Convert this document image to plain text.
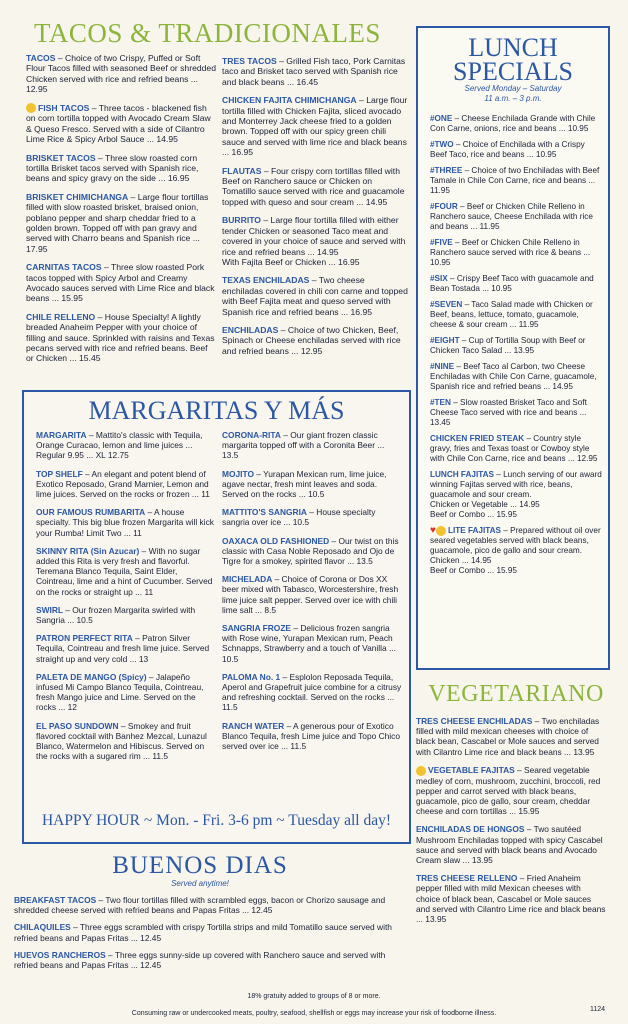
TACOS & TRADICIONALES
TACOS – Choice of two Crispy, Puffed or Soft Flour Tacos filled with seasoned Beef or shredded Chicken served with rice and refried beans ... 12.95
FISH TACOS – Three tacos - blackened fish on corn tortilla topped with Avocado Cream Slaw & Queso Fresco. Served with a side of Cilantro Lime Rice & Spicy Arbol Sauce ... 14.95
BRISKET TACOS – Three slow roasted corn tortilla Brisket tacos served with Spanish rice, beans and spicy gravy on the side ... 16.95
BRISKET CHIMICHANGA – Large flour tortillas filled with slow roasted brisket, braised onion, poblano pepper and sharp cheddar fried to a golden brown. Topped off with pan gravy and served with Charro beans and Spanish rice ... 17.95
CARNITAS TACOS – Three slow roasted Pork tacos topped with Spicy Arbol and Creamy Avocado sauces served with Lime Rice and black beans ... 15.95
CHILE RELLENO – House Specialty! A lightly breaded Anaheim Pepper with your choice of filling and sauce. Sprinkled with raisins and Texas pecans served with rice and refried beans. Beef or Chicken ... 15.45
TRES TACOS – Grilled Fish taco, Pork Carnitas taco and Brisket taco served with Spanish rice and black beans ... 16.45
CHICKEN FAJITA CHIMICHANGA – Large flour tortilla filled with Chicken Fajita, sliced avocado and Monterrey Jack cheese fried to a golden brown. Topped off with our spicy green chili sauce and served with lime rice and black beans ... 16.95
FLAUTAS – Four crispy corn tortillas filled with Beef on Ranchero sauce or Chicken on Tomatillo sauce served with rice and guacamole topped with queso and sour cream ... 14.95
BURRITO – Large flour tortilla filled with either tender Chicken or seasoned Taco meat and covered in your choice of sauce and served with rice and refried beans ... 14.95
With Fajita Beef or Chicken ... 16.95
TEXAS ENCHILADAS – Two cheese enchiladas covered in chili con carne and topped with Beef Fajita meat and queso served with Spanish rice and refried beans ... 16.95
ENCHILADAS – Choice of two Chicken, Beef, Spinach or Cheese enchiladas served with rice and refried beans ... 12.95
LUNCH
SPECIALS
Served Monday – Saturday
11 a.m. – 3 p.m.
#ONE – Cheese Enchilada Grande with Chile Con Carne, onions, rice and beans ... 10.95
#TWO – Choice of Enchilada with a Crispy Beef Taco, rice and beans ... 10.95
#THREE – Choice of two Enchiladas with Beef Tamale in Chile Con Carne, rice and beans ... 11.95
#FOUR – Beef or Chicken Chile Relleno in Ranchero sauce, Cheese Enchilada with rice and beans ... 11.95
#FIVE – Beef or Chicken Chile Relleno in Ranchero sauce served with rice & beans ... 10.95
#SIX – Crispy Beef Taco with guacamole and Bean Tostada ... 10.95
#SEVEN – Taco Salad made with Chicken or Beef, beans, lettuce, tomato, guacamole, cheese & sour cream ... 11.95
#EIGHT – Cup of Tortilla Soup with Beef or Chicken Taco Salad ... 13.95
#NINE – Beef Taco al Carbon, two Cheese Enchiladas with Chile Con Carne, guacamole, Spanish rice and refried beans ... 14.95
#TEN – Slow roasted Brisket Taco and Soft Cheese Taco served with rice and beans ... 13.45
CHICKEN FRIED STEAK – Country style gravy, fries and Texas toast or Cowboy style with Chile Con Carne, rice and beans ... 12.95
LUNCH FAJITAS – Lunch serving of our award winning Fajitas served with rice, beans, guacamole and sour cream.
Chicken or Vegetable ... 14.95
Beef or Combo ... 15.95
♥ LITE FAJITAS – Prepared without oil over seared vegetables served with black beans, guacamole, pico de gallo and sour cream. Chicken ... 14.95
Beef or Combo ... 15.95
MARGARITAS Y MÁS
MARGARITA – Mattito's classic with Tequila, Orange Curacao, lemon and lime juices ... Regular 9.95 ... XL 12.75
TOP SHELF – An elegant and potent blend of Exotico Reposado, Grand Marnier, Lemon and lime juices. Served on the rocks or frozen ... 11
OUR FAMOUS RUMBARITA – A house specialty. This big blue frozen Margarita will kick your Rumba! Limit Two ... 11
SKINNY RITA (Sin Azucar) – With no sugar added this Rita is very fresh and flavorful. Teremana Blanco Tequila, Saint Elder, Cointreau, lime and a hint of Cucumber. Served on the rocks or straight up ... 11
SWIRL – Our frozen Margarita swirled with Sangria ... 10.5
PATRON PERFECT RITA – Patron Silver Tequila, Cointreau and fresh lime juice. Served straight up and very cold ... 13
PALETA DE MANGO (Spicy) – Jalapeño infused Mi Campo Blanco Tequila, Cointreau, fresh Mango juice and Lime. Served on the rocks ... 12
EL PASO SUNDOWN – Smokey and fruit flavored cocktail with Banhez Mezcal, Lunazul Blanco, Watermelon and Hibiscus. Served on the rocks with a sugared rim ... 11.5
CORONA-RITA – Our giant frozen classic margarita topped off with a Coronita Beer ... 13.5
MOJITO – Yurapan Mexican rum, lime juice, agave nectar, fresh mint leaves and soda. Served on the rocks ... 10.5
MATTITO'S SANGRIA – House specialty sangria over ice ... 10.5
OAXACA OLD FASHIONED – Our twist on this classic with Casa Noble Reposado and Ojo de Tigre for a smokey, spirited flavor ... 13.5
MICHELADA – Choice of Corona or Dos XX beer mixed with Tabasco, Worcestershire, fresh lime juice salt pepper. Served over ice with chili lime salt ... 8.5
SANGRIA FROZE – Delicious frozen sangria with Rose wine, Yurapan Mexican rum, Peach Schnapps, Strawberry and a touch of Vanilla ... 10.5
PALOMA No. 1 – Esplolon Reposada Tequila, Aperol and Grapefruit juice combine for a citrusy and refreshing cocktail. Served on the rocks ... 11.5
RANCH WATER – A generous pour of Exotico Blanco Tequila, fresh Lime juice and Topo Chico served over ice ... 11.5
HAPPY HOUR ~ Mon. - Fri. 3-6 pm ~ Tuesday all day!
BUENOS DIAS
Served anytime!
BREAKFAST TACOS – Two flour tortillas filled with scrambled eggs, bacon or Chorizo sausage and shredded cheese served with refried beans and Papas Fritas ... 12.45
CHILAQUILES – Three eggs scrambled with crispy Tortilla strips and mild Tomatillo sauce served with refried beans and Papas Fritas ... 12.45
HUEVOS RANCHEROS – Three eggs sunny-side up covered with Ranchero sauce and served with refried beans and Papas Fritas ... 12.45
VEGETARIANO
TRES CHEESE ENCHILADAS – Two enchiladas filled with mild mexican cheeses with choice of black bean, Cascabel or Mole sauces and served with Cilantro Lime rice and black beans ... 13.95
VEGETABLE FAJITAS – Seared vegetable medley of corn, mushroom, zucchini, broccoli, red pepper and carrot served with black beans, guacamole, pico de gallo, sour cream, cheddar cheese and corn tortillas ... 15.95
ENCHILADAS DE HONGOS – Two sautéed Mushroom Enchiladas topped with spicy Cascabel sauce and served with black beans and Avocado Cream slaw ... 13.95
TRES CHEESE RELLENO – Fried Anaheim pepper filled with mild Mexican cheeses with choice of black bean, Cascabel or Mole sauces and served with Cilantro Lime rice and black beans ... 13.95
18% gratuity added to groups of 8 or more.
Consuming raw or undercooked meats, poultry, seafood, shellfish or eggs may increase your risk of foodborne illness.
1124
